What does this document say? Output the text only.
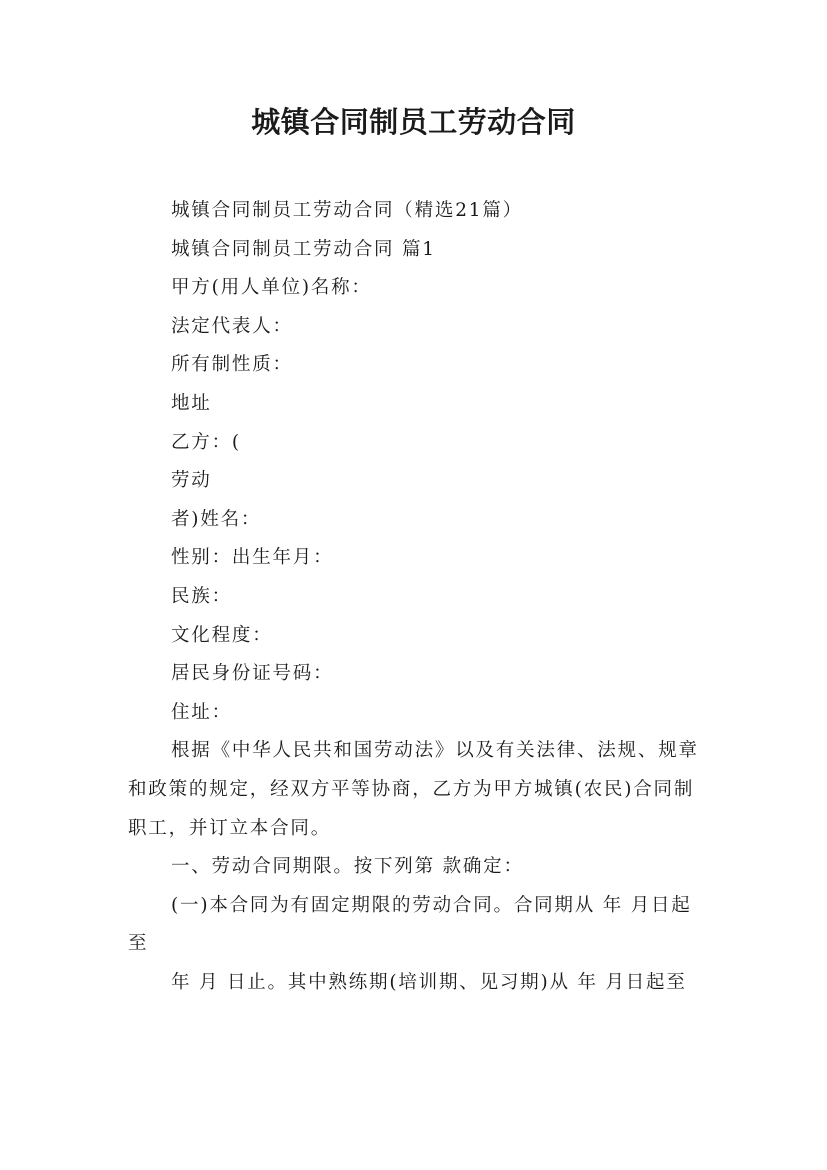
城镇合同制员工劳动合同

城镇合同制员工劳动合同（精选21篇）

城镇合同制员工劳动合同 篇1

甲方(用人单位)名称：

法定代表人：

所有制性质：

地址

乙方：(

劳动

者)姓名：

性别：出生年月：

民族：

文化程度：

居民身份证号码：

住址：

根据《中华人民共和国劳动法》以及有关法律、法规、规章和政策的规定，经双方平等协商，乙方为甲方城镇(农民)合同制职工，并订立本合同。

一、劳动合同期限。按下列第 款确定：

(一)本合同为有固定期限的劳动合同。合同期从 年 月日起至

年 月 日止。其中熟练期(培训期、见习期)从 年 月日起至
